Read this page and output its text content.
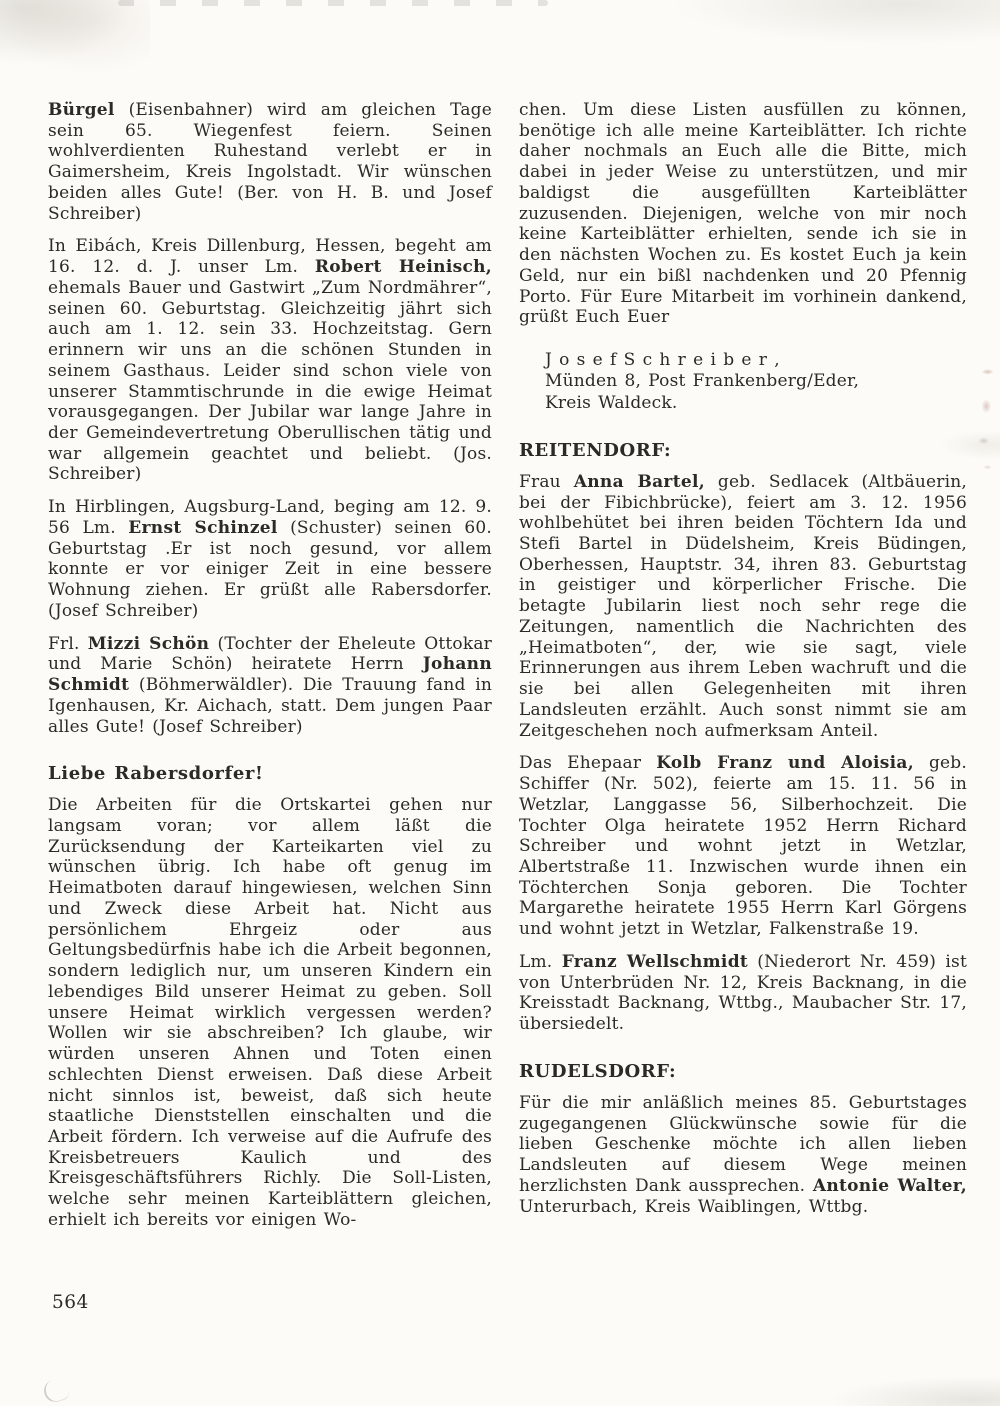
Bürgel (Eisenbahner) wird am gleichen Tage sein 65. Wiegenfest feiern. Seinen wohlverdienten Ruhestand verlebt er in Gaimersheim, Kreis Ingolstadt. Wir wünschen beiden alles Gute! (Ber. von H. B. und Josef Schreiber)

In Eibách, Kreis Dillenburg, Hessen, begeht am 16. 12. d. J. unser Lm. Robert Heinisch, ehemals Bauer und Gastwirt „Zum Nordmährer“, seinen 60. Geburtstag. Gleichzeitig jährt sich auch am 1. 12. sein 33. Hochzeitstag. Gern erinnern wir uns an die schönen Stunden in seinem Gasthaus. Leider sind schon viele von unserer Stammtischrunde in die ewige Heimat vorausgegangen. Der Jubilar war lange Jahre in der Gemeindevertretung Oberullischen tätig und war allgemein geachtet und beliebt. (Jos. Schreiber)

In Hirblingen, Augsburg-Land, beging am 12. 9. 56 Lm. Ernst Schinzel (Schuster) seinen 60. Geburtstag .Er ist noch gesund, vor allem konnte er vor einiger Zeit in eine bessere Wohnung ziehen. Er grüßt alle Rabersdorfer. (Josef Schreiber)

Frl. Mizzi Schön (Tochter der Eheleute Ottokar und Marie Schön) heiratete Herrn Johann Schmidt (Böhmerwäldler). Die Trauung fand in Igenhausen, Kr. Aichach, statt. Dem jungen Paar alles Gute! (Josef Schreiber)

Liebe Rabersdorfer!

Die Arbeiten für die Ortskartei gehen nur langsam voran; vor allem läßt die Zurücksendung der Karteikarten viel zu wünschen übrig. Ich habe oft genug im Heimatboten darauf hingewiesen, welchen Sinn und Zweck diese Arbeit hat. Nicht aus persönlichem Ehrgeiz oder aus Geltungsbedürfnis habe ich die Arbeit begonnen, sondern lediglich nur, um unseren Kindern ein lebendiges Bild unserer Heimat zu geben. Soll unsere Heimat wirklich vergessen werden? Wollen wir sie abschreiben? Ich glaube, wir würden unseren Ahnen und Toten einen schlechten Dienst erweisen. Daß diese Arbeit nicht sinnlos ist, beweist, daß sich heute staatliche Dienststellen einschalten und die Arbeit fördern. Ich verweise auf die Aufrufe des Kreisbetreuers Kaulich und des Kreisgeschäftsführers Richly. Die Soll-Listen, welche sehr meinen Karteiblättern gleichen, erhielt ich bereits vor einigen Wo-

chen. Um diese Listen ausfüllen zu können, benötige ich alle meine Karteiblätter. Ich richte daher nochmals an Euch alle die Bitte, mich dabei in jeder Weise zu unterstützen, und mir baldigst die ausgefüllten Karteiblätter zuzusenden. Diejenigen, welche von mir noch keine Karteiblätter erhielten, sende ich sie in den nächsten Wochen zu. Es kostet Euch ja kein Geld, nur ein bißl nachdenken und 20 Pfennig Porto. Für Eure Mitarbeit im vorhinein dankend, grüßt Euch Euer

J o s e f S c h r e i b e r ,
Münden 8, Post Frankenberg/Eder,
Kreis Waldeck.
REITENDORF:

Frau Anna Bartel, geb. Sedlacek (Altbäuerin, bei der Fibichbrücke), feiert am 3. 12. 1956 wohlbehütet bei ihren beiden Töchtern Ida und Stefi Bartel in Düdelsheim, Kreis Büdingen, Oberhessen, Hauptstr. 34, ihren 83. Geburtstag in geistiger und körperlicher Frische. Die betagte Jubilarin liest noch sehr rege die Zeitungen, namentlich die Nachrichten des „Heimatboten“, der, wie sie sagt, viele Erinnerungen aus ihrem Leben wachruft und die sie bei allen Gelegenheiten mit ihren Landsleuten erzählt. Auch sonst nimmt sie am Zeitgeschehen noch aufmerksam Anteil.

Das Ehepaar Kolb Franz und Aloisia, geb. Schiffer (Nr. 502), feierte am 15. 11. 56 in Wetzlar, Langgasse 56, Silberhochzeit. Die Tochter Olga heiratete 1952 Herrn Richard Schreiber und wohnt jetzt in Wetzlar, Albertstraße 11. Inzwischen wurde ihnen ein Töchterchen Sonja geboren. Die Tochter Margarethe heiratete 1955 Herrn Karl Görgens und wohnt jetzt in Wetzlar, Falkenstraße 19.

Lm. Franz Wellschmidt (Niederort Nr. 459) ist von Unterbrüden Nr. 12, Kreis Backnang, in die Kreisstadt Backnang, Wttbg., Maubacher Str. 17, übersiedelt.

RUDELSDORF:

Für die mir anläßlich meines 85. Geburtstages zugegangenen Glückwünsche sowie für die lieben Geschenke möchte ich allen lieben Landsleuten auf diesem Wege meinen herzlichsten Dank aussprechen. Antonie Walter, Unterurbach, Kreis Waiblingen, Wttbg.

564
